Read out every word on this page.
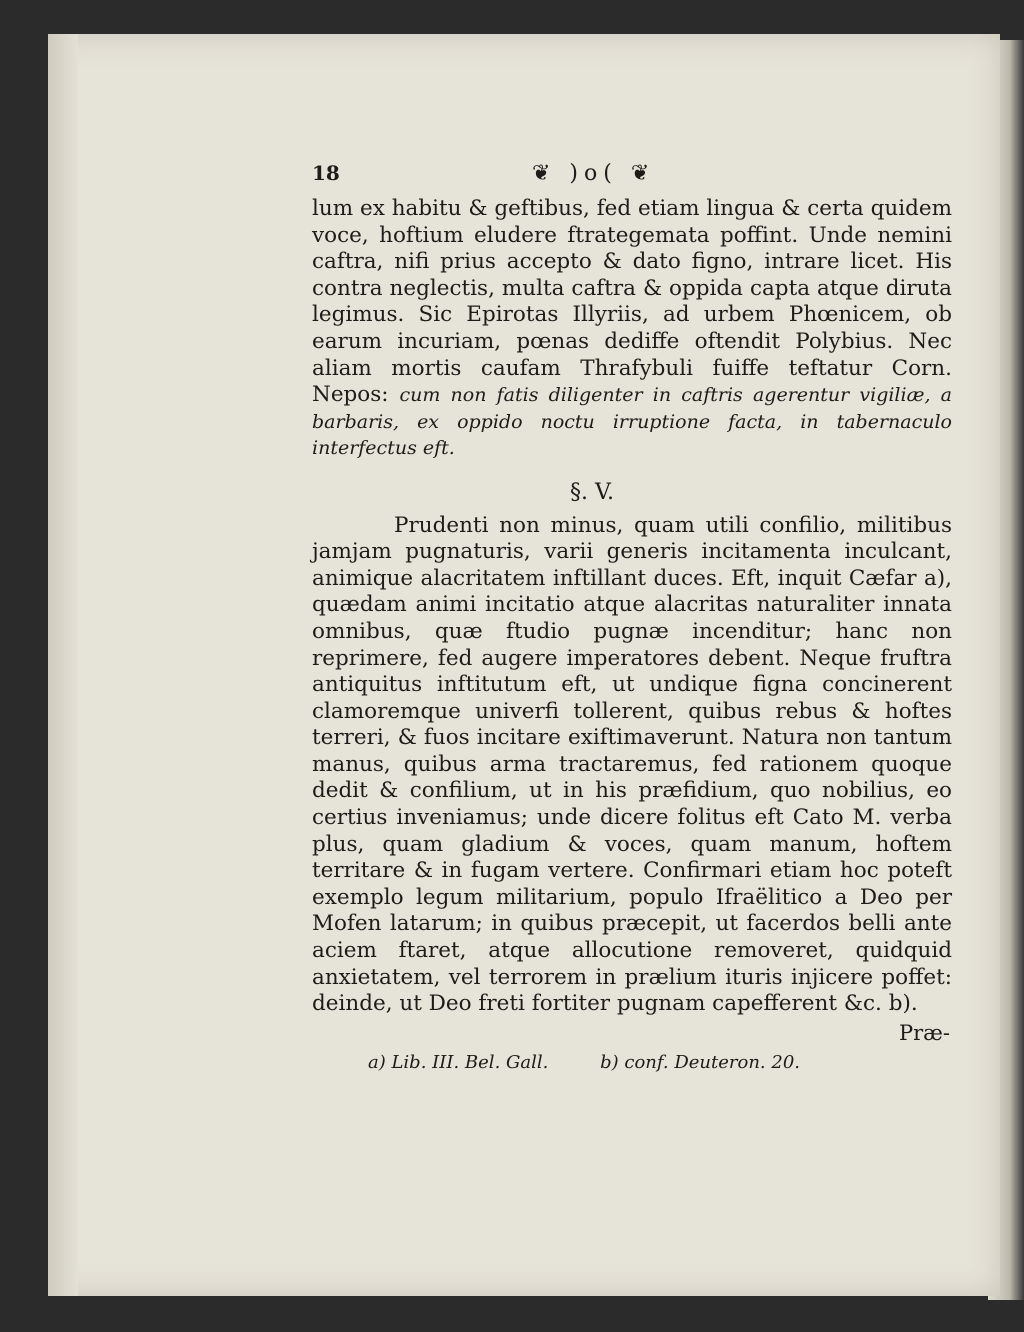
18	❦ )o( ❦

lum ex habitu & geftibus, fed etiam lingua & certa quidem voce, hoftium eludere ftrategemata poffint. Unde nemini caftra, nifi prius accepto & dato figno, intrare licet. His contra neglectis, multa caftra & oppida capta atque diruta legimus. Sic Epirotas Illyriis, ad urbem Phœnicem, ob earum incuriam, pœnas dediffe oftendit Polybius. Nec aliam mortis caufam Thrafybuli fuiffe teftatur Corn. Nepos: cum non fatis diligenter in caftris agerentur vigiliæ, a barbaris, ex oppido noctu irruptione facta, in tabernaculo interfectus eft.

§. V.

Prudenti non minus, quam utili confilio, militibus jamjam pugnaturis, varii generis incitamenta inculcant, animique alacritatem inftillant duces. Eft, inquit Cæfar a), quædam animi incitatio atque alacritas naturaliter innata omnibus, quæ ftudio pugnæ incenditur; hanc non reprimere, fed augere imperatores debent. Neque fruftra antiquitus inftitutum eft, ut undique figna concinerent clamoremque univerfi tollerent, quibus rebus & hoftes terreri, & fuos incitare exiftimaverunt. Natura non tantum manus, quibus arma tractaremus, fed rationem quoque dedit & confilium, ut in his præfidium, quo nobilius, eo certius inveniamus; unde dicere folitus eft Cato M. verba plus, quam gladium & voces, quam manum, hoftem territare & in fugam vertere. Confirmari etiam hoc poteft exemplo legum militarium, populo Ifraëlitico a Deo per Mofen latarum; in quibus præcepit, ut facerdos belli ante aciem ftaret, atque allocutione removeret, quidquid anxietatem, vel terrorem in prælium ituris injicere poffet: deinde, ut Deo freti fortiter pugnam capefferent &c. b).

Præ-
a) Lib. III. Bel. Gall.	b) conf. Deuteron. 20.
